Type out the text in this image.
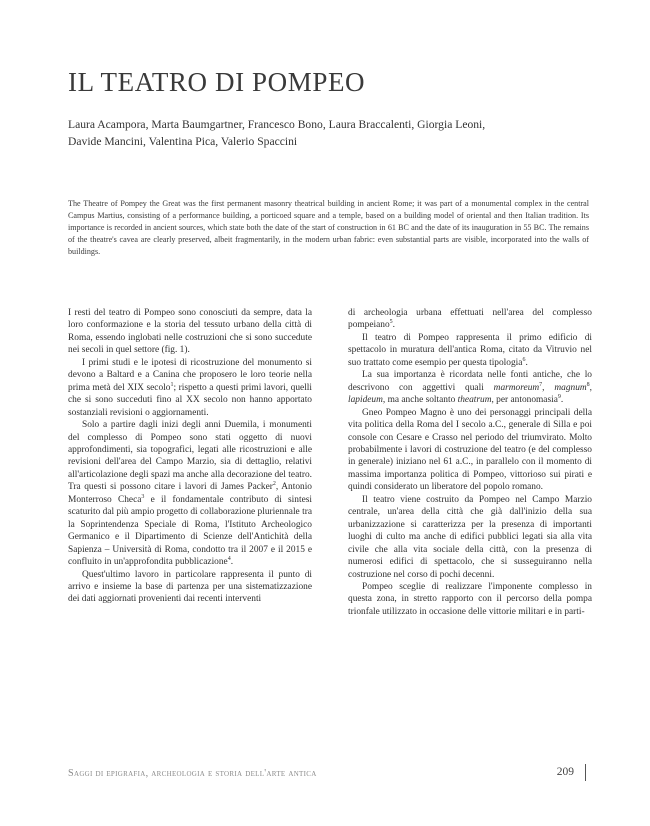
IL TEATRO DI POMPEO
Laura Acampora, Marta Baumgartner, Francesco Bono, Laura Braccalenti, Giorgia Leoni,
Davide Mancini, Valentina Pica, Valerio Spaccini
The Theatre of Pompey the Great was the first permanent masonry theatrical building in ancient Rome; it was part of a monumental complex in the central Campus Martius, consisting of a performance building, a porticoed square and a temple, based on a building model of oriental and then Italian tradition. Its importance is recorded in ancient sources, which state both the date of the start of construction in 61 BC and the date of its inauguration in 55 BC. The remains of the theatre's cavea are clearly preserved, albeit fragmentarily, in the modern urban fabric: even substantial parts are visible, incorporated into the walls of buildings.

I resti del teatro di Pompeo sono conosciuti da sempre, data la loro conformazione e la storia del tessuto urbano della città di Roma, essendo inglobati nelle costruzioni che si sono succedute nei secoli in quel settore (fig. 1).

I primi studi e le ipotesi di ricostruzione del monumento si devono a Baltard e a Canina che proposero le loro teorie nella prima metà del XIX secolo$^1$; rispetto a questi primi lavori, quelli che si sono succeduti fino al XX secolo non hanno apportato sostanziali revisioni o aggiornamenti.

Solo a partire dagli inizi degli anni Duemila, i monumenti del complesso di Pompeo sono stati oggetto di nuovi approfondimenti, sia topografici, legati alle ricostruzioni e alle revisioni dell'area del Campo Marzio, sia di dettaglio, relativi all'articolazione degli spazi ma anche alla decorazione del teatro. Tra questi si possono citare i lavori di James Packer$^2$, Antonio Monterroso Checa$^3$ e il fondamentale contributo di sintesi scaturito dal più ampio progetto di collaborazione pluriennale tra la Soprintendenza Speciale di Roma, l'Istituto Archeologico Germanico e il Dipartimento di Scienze dell'Antichità della Sapienza – Università di Roma, condotto tra il 2007 e il 2015 e confluito in un'approfondita pubblicazione$^4$.

Quest'ultimo lavoro in particolare rappresenta il punto di arrivo e insieme la base di partenza per una sistematizzazione dei dati aggiornati provenienti dai recenti interventi

di archeologia urbana effettuati nell'area del complesso pompeiano$^5$.

Il teatro di Pompeo rappresenta il primo edificio di spettacolo in muratura dell'antica Roma, citato da Vitruvio nel suo trattato come esempio per questa tipologia$^6$.

La sua importanza è ricordata nelle fonti antiche, che lo descrivono con aggettivi quali marmoreum$^7$, magnum$^8$, lapideum, ma anche soltanto theatrum, per antonomasia$^9$.

Gneo Pompeo Magno è uno dei personaggi principali della vita politica della Roma del I secolo a.C., generale di Silla e poi console con Cesare e Crasso nel periodo del triumvirato. Molto probabilmente i lavori di costruzione del teatro (e del complesso in generale) iniziano nel 61 a.C., in parallelo con il momento di massima importanza politica di Pompeo, vittorioso sui pirati e quindi considerato un liberatore del popolo romano.

Il teatro viene costruito da Pompeo nel Campo Marzio centrale, un'area della città che già dall'inizio della sua urbanizzazione si caratterizza per la presenza di importanti luoghi di culto ma anche di edifici pubblici legati sia alla vita civile che alla vita sociale della città, con la presenza di numerosi edifici di spettacolo, che si susseguiranno nella costruzione nel corso di pochi decenni.

Pompeo sceglie di realizzare l'imponente complesso in questa zona, in stretto rapporto con il percorso della pompa trionfale utilizzato in occasione delle vittorie militari e in parti-

Saggi di epigrafia, archeologia e storia dell'arte antica	209
